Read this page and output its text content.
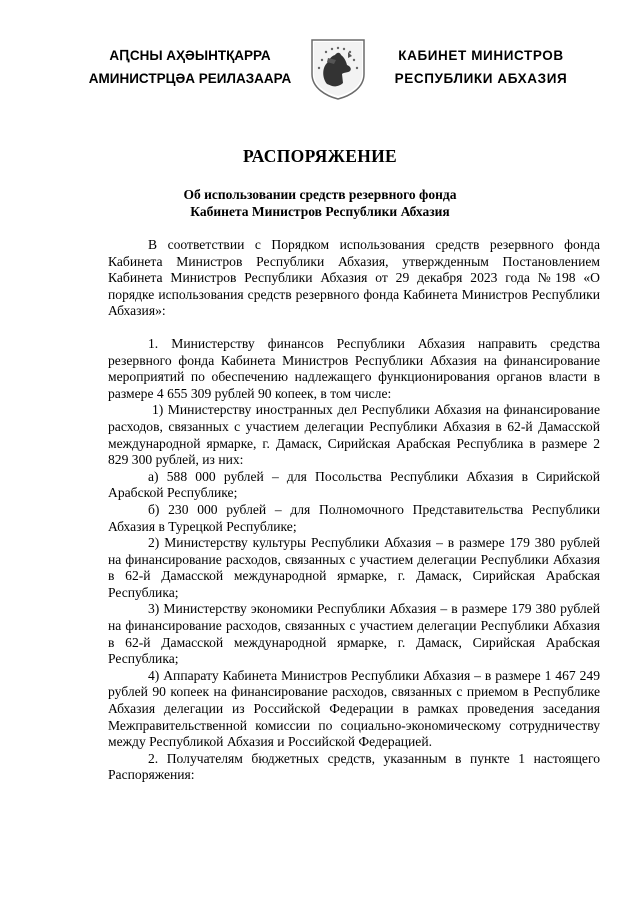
АԤСНЫ АҲӘЫНТҚАРРА
АМИНИСТРЦӘА РЕИЛАЗААРА
КАБИНЕТ МИНИСТРОВ
РЕСПУБЛИКИ АБХАЗИЯ
РАСПОРЯЖЕНИЕ
Об использовании средств резервного фонда
Кабинета Министров Республики Абхазия

В соответствии с Порядком использования средств резервного фонда Кабинета Министров Республики Абхазия, утвержденным Постановлением Кабинета Министров Республики Абхазия от 29 декабря 2023 года №198 «О порядке использования средств резервного фонда Кабинета Министров Республики Абхазия»:

1. Министерству финансов Республики Абхазия направить средства резервного фонда Кабинета Министров Республики Абхазия на финансирование мероприятий по обеспечению надлежащего функционирования органов власти в размере 4 655 309 рублей 90 копеек, в том числе:

1) Министерству иностранных дел Республики Абхазия на финансирование расходов, связанных с участием делегации Республики Абхазия в 62-й Дамасской международной ярмарке, г. Дамаск, Сирийская Арабская Республика в размере 2 829 300 рублей, из них:

а) 588 000 рублей – для Посольства Республики Абхазия в Сирийской Арабской Республике;

б) 230 000 рублей – для Полномочного Представительства Республики Абхазия в Турецкой Республике;

2) Министерству культуры Республики Абхазия – в размере 179 380 рублей на финансирование расходов, связанных с участием делегации Республики Абхазия в 62-й Дамасской международной ярмарке, г. Дамаск, Сирийская Арабская Республика;

3) Министерству экономики Республики Абхазия – в размере 179 380 рублей на финансирование расходов, связанных с участием делегации Республики Абхазия в 62-й Дамасской международной ярмарке, г. Дамаск, Сирийская Арабская Республика;

4) Аппарату Кабинета Министров Республики Абхазия – в размере 1 467 249 рублей 90 копеек на финансирование расходов, связанных с приемом в Республике Абхазия делегации из Российской Федерации в рамках проведения заседания Межправительственной комиссии по социально-экономическому сотрудничеству между Республикой Абхазия и Российской Федерацией.

2. Получателям бюджетных средств, указанным в пункте 1 настоящего Распоряжения:
